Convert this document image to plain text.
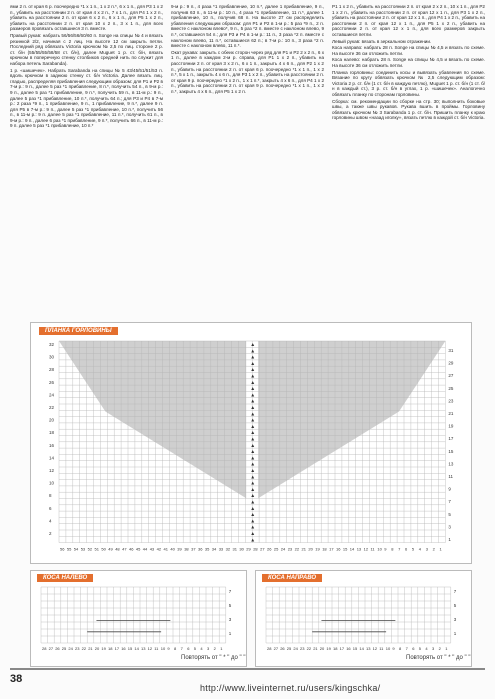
ями 2 п. от края 6 р. поочередно *1 х 1 п., 1 х 2 п.*, 6 х 1 п., для Р3 1 х 2 п., убавить на расстоянии 2 п. от края 4 х 2 п., 7 х 1 п., для Р4 1 х 2 п., убавить на расстоянии 2 п. от края 6 х 2 п., 6 х 1 п., для Р5 1 х 2 п., убавить на расстоянии 2 п. от края 10 х 2 п., 3 х 1 п., для всех размеров провязать оставшиеся 3 п. вместе.

Правый рукав: набрать 56/56/56/60/60 п. Songe на спицы № 4 и вязать резинкой 2/2, начиная с 2 лиц. На высоте 12 см закрыть петли. Последний ряд обвязать Victoria крючком № 2,5 по лиц. стороне 2 р. ст. б/н (55/55/55/58/58 ст. б/н), далее Muguet 1 р. ст. б/н, вязать крючком в поперечную стенку столбиков средней нить по служит для набора петель Sarabanda).

1 р. «шишечек». Набрать Sarabanda на спицы № 5 43/45/51/51/53 п. вдоль крючком в заднюю стенку ст. б/н Victoria. Далее вязать лиц. гладью, распределяя прибавления следующим образом: для Р1 и Р2 в 7-м р.: 9 п., далее 5 раз *1 прибавление, 8 п.*, получить 54 п., в 9-м р.: 9 п., далее 5 раз *1 прибавление, 9 п.*, получить 59 п., в 11-м р.: 9 п., далее 5 раз *1 прибавление, 10 п.*, получить 64 п.; для Р3 и Р4 в 7-м р.: 2 раза *9 п., 1 прибавление, 9 п., 1 прибавление, 9 п.*, далее 9 п. для Р5 в 7-м р.: 9 п., далее 5 раз *1 прибавление, 10 п.*, получить 56 п., в 11-м р.: 9 п. далее 5 раз *1 прибавление, 11 п.*, получить 61 п., в 9-м р.: 9 п., далее 6 раз *1 прибавление, 9 п.*, получить 66 п., в 11-м р.: 9 п. далее 5 раз *1 прибавление, 10 п.*

9-м р.: 9 п., 4 раза *1 прибавление, 10 п.*, далее 1 прибавление, 9 п., получив 63 п., в 11-м р.: 10 п., 4 раза *1 прибавление, 11 п.*, далее 1 прибавление, 10 п., получив 68 п. На высоте 27 см распределить убавления следующим образом: для Р1 и Р2 в 1-м р.: 5 раз *9 п., 2 п. вместе с наклоном влево*, 9 п., 5 раз *2 п. вместе с наклоном влево, 9 п.*, оставшиеся 54 п.; для Р3 и Р4 в 1-м р.: 11 п., 3 раза *2 п. вместе с наклоном влево, 11 п.*, оставшиеся 62 п.; в 7-м р.: 10 п., 3 раза *2 п. вместе с наклоном влево, 11 п.*.

Окат рукава: закрыть с обеих сторон через ряд для Р1 и Р2 2 х 2 п., 6 х 1 п., далее в каждом 2-м р. справа, для Р1 1 х 2 п., убавить на расстоянии 2 п. от края 3 х 2 п., 6 х 1 п., закрыть 4 х 6 п., для Р2 1 х 2 п., убавить на расстоянии 2 п. от края 6 р. поочередно *1 х 1 п., 1 х 2 п.*, 5 х 1 п., закрыть 4 х 6 п., для Р3 1 х 2 п., убавить на расстоянии 2 п. от края 9 р. поочередно *1 х 2 п., 1 х 1 п.*, закрыть 4 х 6 п., для Р4 1 х 2 п., убавить на расстоянии 2 п. от края 9 р. поочередно *1 х 1 п., 1 х 2 п.*, закрыть 4 х 6 п., для Р5 1 х 2 п.

Р1 1 х 2 п., убавить на расстоянии 2 п. от края 2 х 2 п., 10 х 1 п., для Р2 1 х 2 п., убавить на расстоянии 2 п. от края 12 х 1 п., для Р3 1 х 2 п., убавить на расстоянии 2 п. от края 12 х 1 п., для Р4 1 х 2 п., убавить на расстоянии 2 п. от края 12 х 1 п., для Р5 1 х 2 п., убавить на расстоянии 2 п. от края 12 х 1 п., для всех размеров закрыть оставшиеся петли.

Левый рукав: вязать в зеркальном отражении.

Коса направо: набрать 28 п. Songe на спицы № 4,5 и вязать по схеме. На высоте 36 см отложить петли.

Коса налево: набрать 28 п. Songe на спицы № 4,5 и вязать по схеме. На высоте 36 см отложить петли.

Планка горловины: соединить косы и вывязать убавления по схеме. Вязание по кругу обвязать крючком № 2,5 следующим образом: Victoria 2 р. ст. б/н (1 ст. б/н в каждую петлю), Muguet 1 р. ст. б/н (1 ст. б/н в каждый ст.), 3 р. ст. б/н в углах, 1 р. «шишечек». Аналогично обвязать планку по сторонам горловины.

Сборка: см. рекомендации по сборке на стр. 30; выполнить боковые швы, а также швы рукавов. Рукава вшить в проймы. Горловину обвязать крючком № 3 Sarabanda 1 р. ст. б/н. Пришить планку к краю горловины швом «назад иголку», вязать петлю в каждой ст. б/н Victoria.

ПЛАНКА ГОРЛОВИНЫ
▲
▲
▲
▲
▲
▲
▲
▲
▲
▲
▲
▲
▲
▲
▲
▲
▲
▲
▲
▲
▲
▲
▲
▲
▲
▲
▲
▲
▲
▲
▲
▲
56 55 54 53 52 51 50 49 48 47 46 45 44 43 42 41 40 39 38 37 36 35 34 33 32 31 30 29 28 27 26 25 24 23 22 21 20 19 18 17 16 15 14 13 12 11 10 9 8 7 6 5 4 3 2 1
32
30
28
26
24
22
20
18
16
14
12
10
8
6
4
2
31
29
27
25
23
21
19
17
15
13
11
9
7
5
3
1
КОСА НАЛЕВО
28 27 26 25 24 23 22 21 20 19 18 17 16 15 14 13 12 11 10 9 8 7 6 5 4 3 2 1
7
5
3
1
Повторять от " * " до " "
КОСА НАПРАВО
28 27 26 25 24 23 22 21 20 19 18 17 16 15 14 13 12 11 10 9 8 7 6 5 4 3 2 1
7
5
3
1
Повторять от " * " до " "
38
http://www.liveinternet.ru/users/kingschka/
